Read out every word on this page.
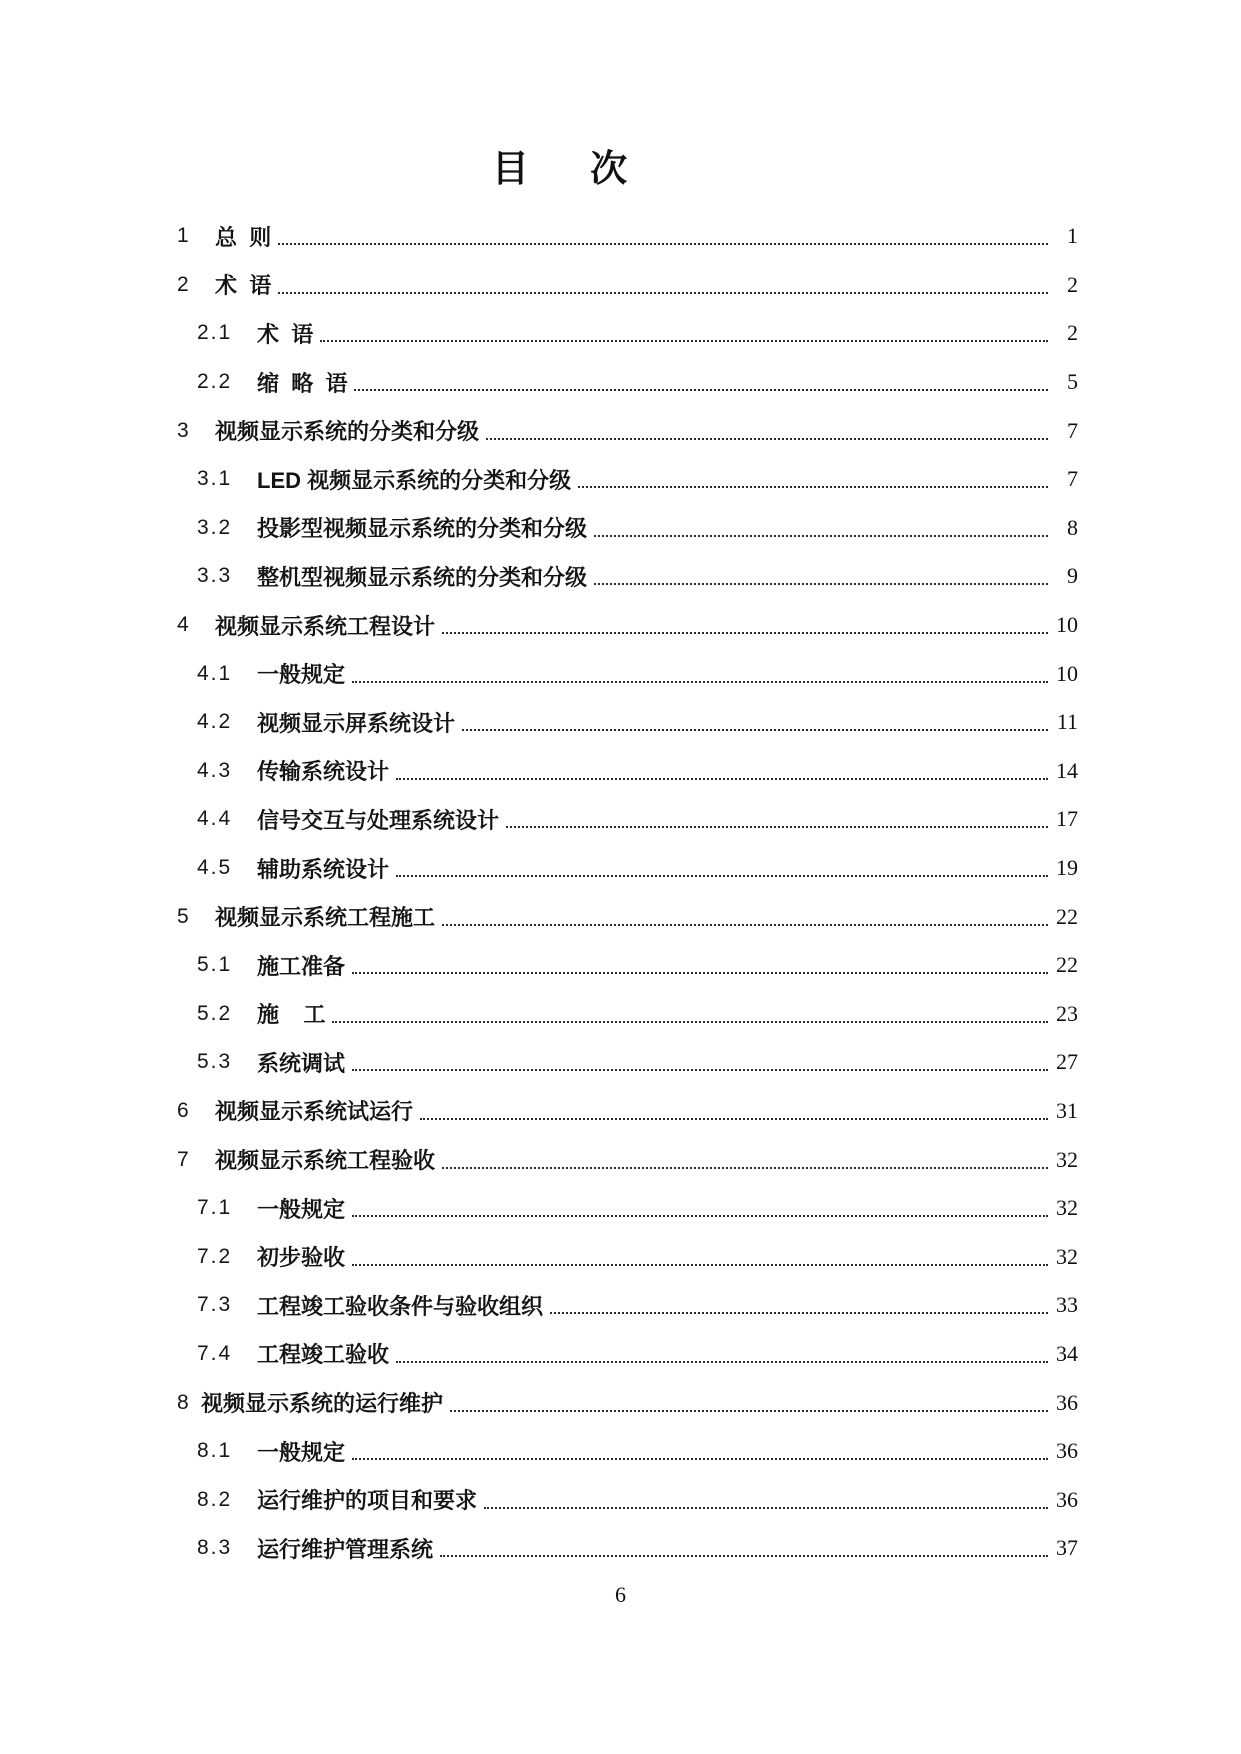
目 次
1	总  则	1
2	术  语	2
2.1	术  语	2
2.2	缩  略  语	5
3	视频显示系统的分类和分级	7
3.1	LED 视频显示系统的分类和分级	7
3.2	投影型视频显示系统的分类和分级	8
3.3	整机型视频显示系统的分类和分级	9
4	视频显示系统工程设计	10
4.1	一般规定	10
4.2	视频显示屏系统设计	11
4.3	传输系统设计	14
4.4	信号交互与处理系统设计	17
4.5	辅助系统设计	19
5	视频显示系统工程施工	22
5.1	施工准备	22
5.2	施    工	23
5.3	系统调试	27
6	视频显示系统试运行	31
7	视频显示系统工程验收	32
7.1	一般规定	32
7.2	初步验收	32
7.3	工程竣工验收条件与验收组织	33
7.4	工程竣工验收	34
8 视频显示系统的运行维护	36
8.1	一般规定	36
8.2	运行维护的项目和要求	36
8.3	运行维护管理系统	37
6
